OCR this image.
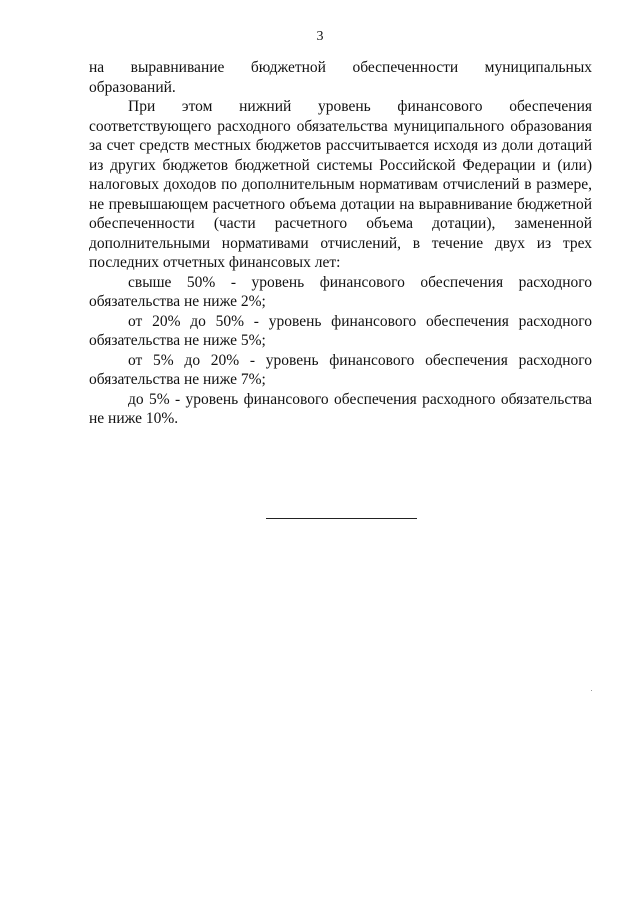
3

на выравнивание бюджетной обеспеченности муниципальных образований.

При этом нижний уровень финансового обеспечения соответствующего расходного обязательства муниципального образования за счет средств местных бюджетов рассчитывается исходя из доли дотаций из других бюджетов бюджетной системы Российской Федерации и (или) налоговых доходов по дополнительным нормативам отчислений в размере, не превышающем расчетного объема дотации на выравнивание бюджетной обеспеченности (части расчетного объема дотации), замененной дополнительными нормативами отчислений, в течение двух из трех последних отчетных финансовых лет:

свыше 50% - уровень финансового обеспечения расходного обязательства не ниже 2%;

от 20% до 50% - уровень финансового обеспечения расходного обязательства не ниже 5%;

от 5% до 20% - уровень финансового обеспечения расходного обязательства не ниже 7%;

до 5% - уровень финансового обеспечения расходного обязательства не ниже 10%.
